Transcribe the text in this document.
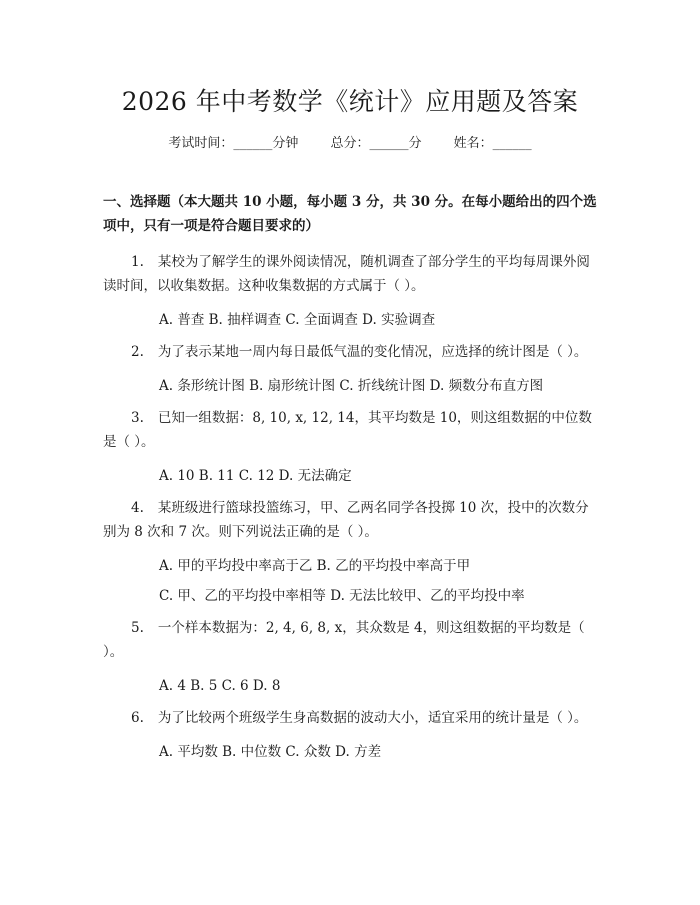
2026 年中考数学《统计》应用题及答案
考试时间：______分钟 总分：______分 姓名：______

一、选择题（本大题共 10 小题，每小题 3 分，共 30 分。在每小题给出的四个选项中，只有一项是符合题目要求的）

1. 某校为了解学生的课外阅读情况，随机调查了部分学生的平均每周课外阅读时间，以收集数据。这种收集数据的方式属于（ ）。

A. 普查 B. 抽样调查 C. 全面调查 D. 实验调查

2. 为了表示某地一周内每日最低气温的变化情况，应选择的统计图是（ ）。

A. 条形统计图 B. 扇形统计图 C. 折线统计图 D. 频数分布直方图

3. 已知一组数据：8, 10, x, 12, 14，其平均数是 10，则这组数据的中位数是（ ）。

A. 10 B. 11 C. 12 D. 无法确定

4. 某班级进行篮球投篮练习，甲、乙两名同学各投掷 10 次，投中的次数分别为 8 次和 7 次。则下列说法正确的是（ ）。

A. 甲的平均投中率高于乙 B. 乙的平均投中率高于甲
C. 甲、乙的平均投中率相等 D. 无法比较甲、乙的平均投中率

5. 一个样本数据为：2, 4, 6, 8, x，其众数是 4，则这组数据的平均数是（ ）。

A. 4 B. 5 C. 6 D. 8

6. 为了比较两个班级学生身高数据的波动大小，适宜采用的统计量是（ ）。

A. 平均数 B. 中位数 C. 众数 D. 方差
